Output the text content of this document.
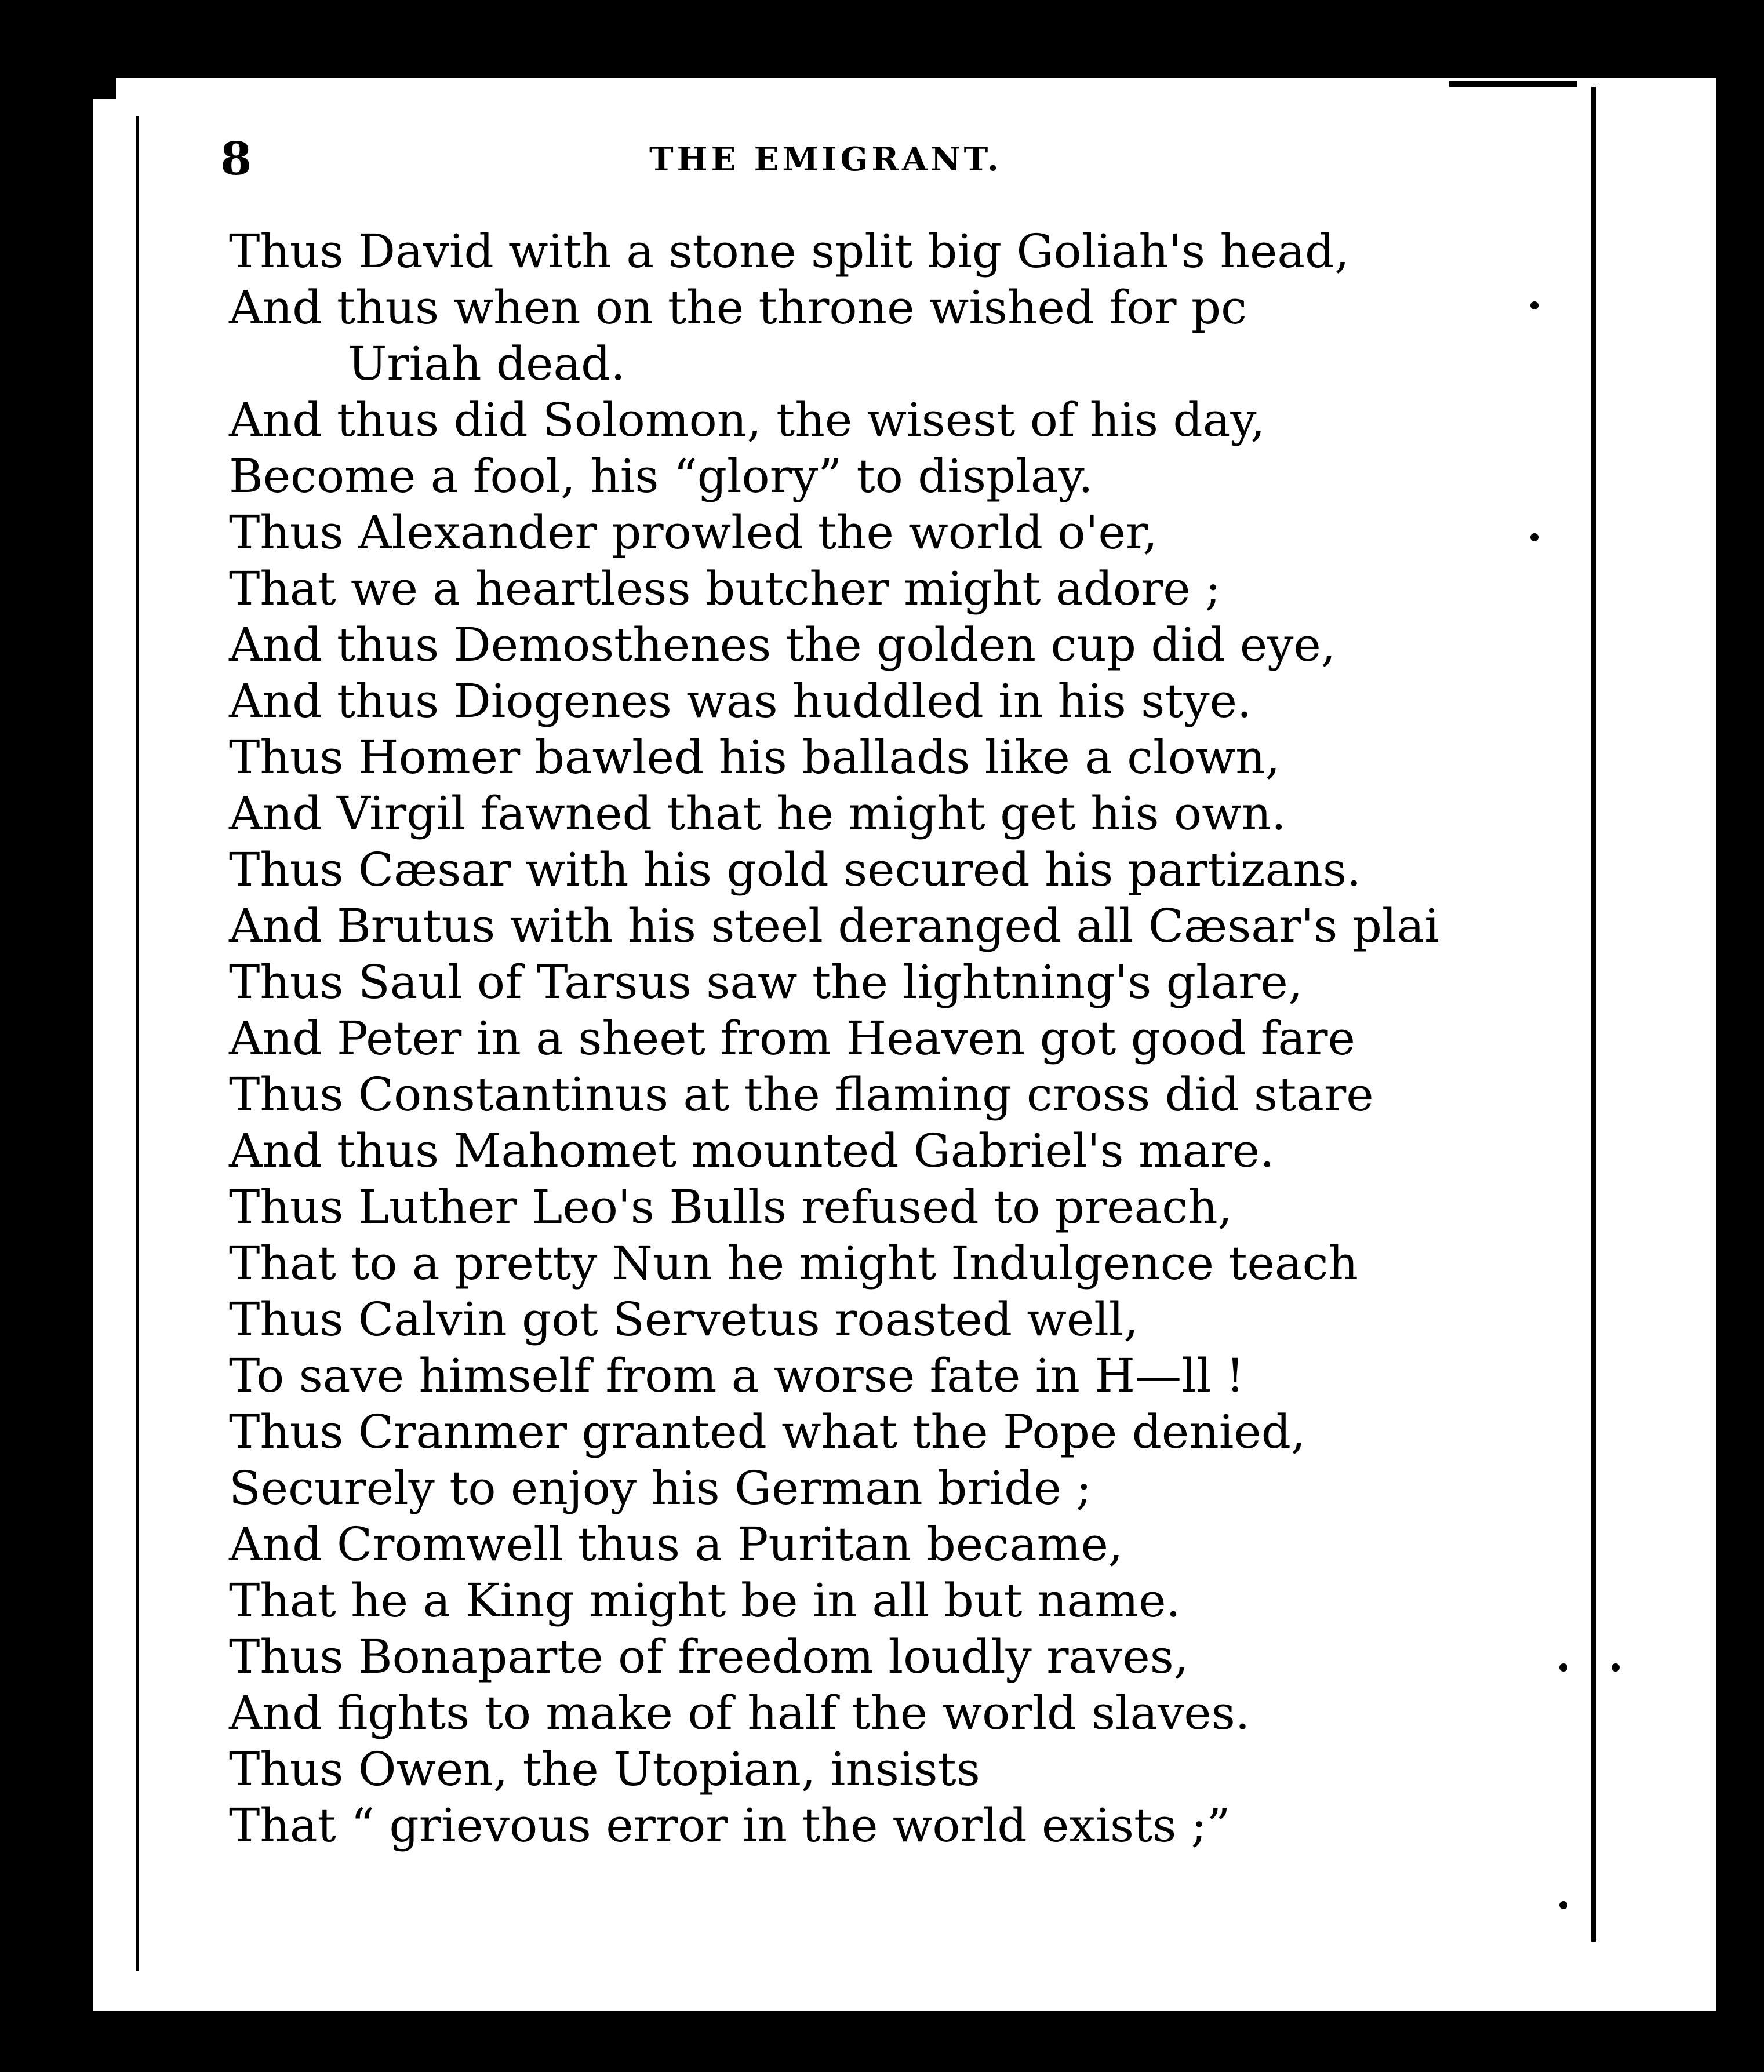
8	THE EMIGRANT.
Thus David with a stone split big Goliah's head,
And thus when on the throne wished for pc
Uriah dead.
And thus did Solomon, the wisest of his day,
Become a fool, his “glory” to display.
Thus Alexander prowled the world o'er,
That we a heartless butcher might adore ;
And thus Demosthenes the golden cup did eye,
And thus Diogenes was huddled in his stye.
Thus Homer bawled his ballads like a clown,
And Virgil fawned that he might get his own.
Thus Cæsar with his gold secured his partizans.
And Brutus with his steel deranged all Cæsar's plai
Thus Saul of Tarsus saw the lightning's glare,
And Peter in a sheet from Heaven got good fare
Thus Constantinus at the flaming cross did stare
And thus Mahomet mounted Gabriel's mare.
Thus Luther Leo's Bulls refused to preach,
That to a pretty Nun he might Indulgence teach
Thus Calvin got Servetus roasted well,
To save himself from a worse fate in H—ll !
Thus Cranmer granted what the Pope denied,
Securely to enjoy his German bride ;
And Cromwell thus a Puritan became,
That he a King might be in all but name.
Thus Bonaparte of freedom loudly raves,
And fights to make of half the world slaves.
Thus Owen, the Utopian, insists
That “ grievous error in the world exists ;”
